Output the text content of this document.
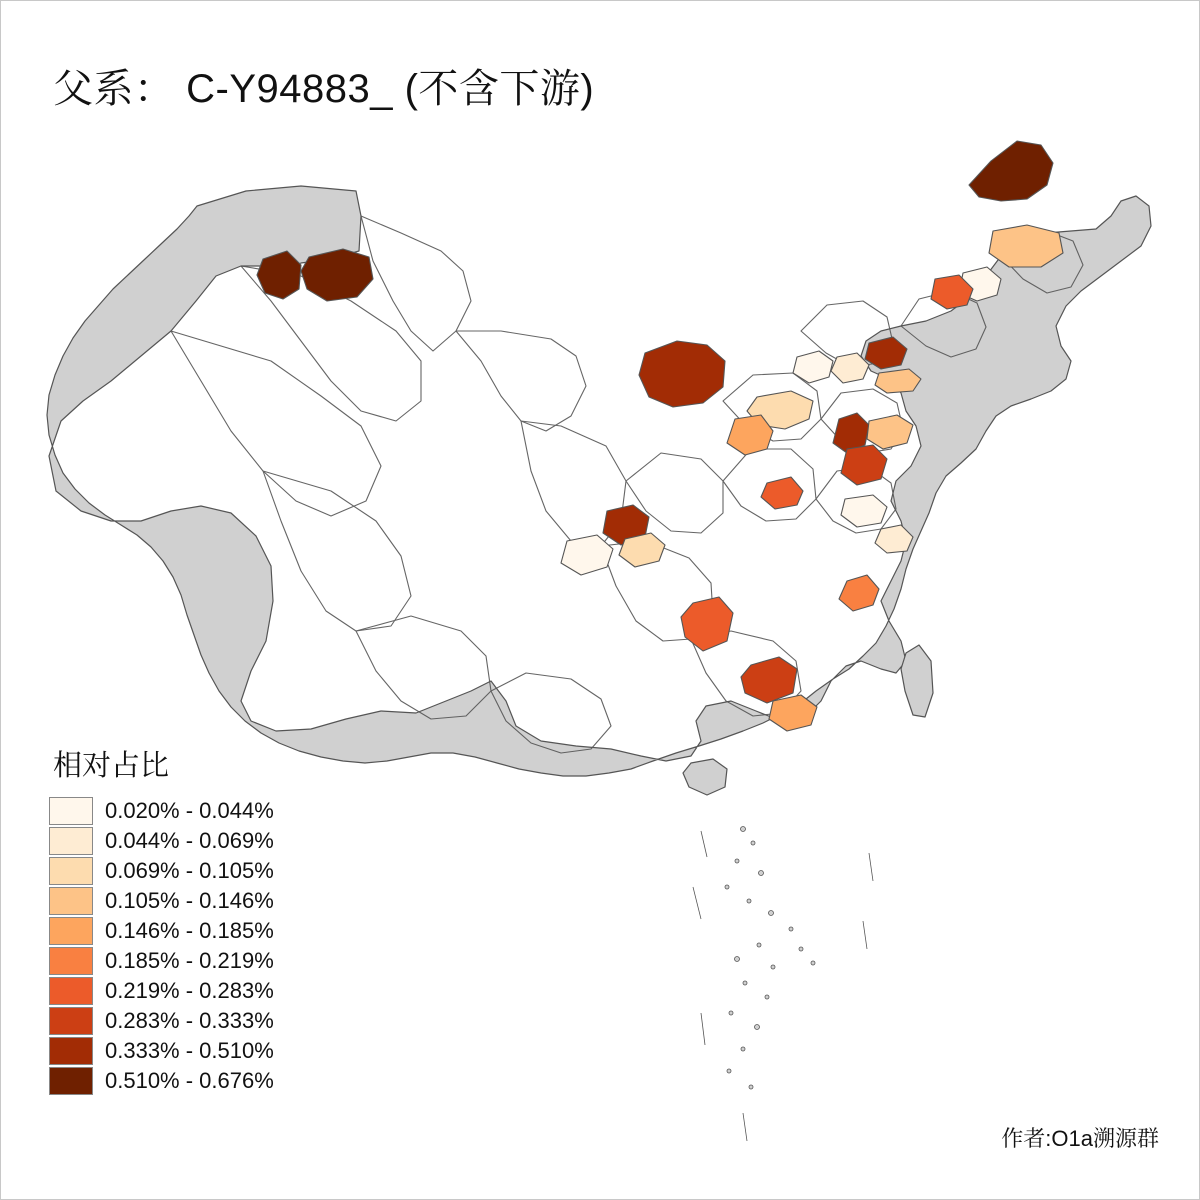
父系： C-Y94883_ (不含下游)
相对占比
0.020% - 0.044%
0.044% - 0.069%
0.069% - 0.105%
0.105% - 0.146%
0.146% - 0.185%
0.185% - 0.219%
0.219% - 0.283%
0.283% - 0.333%
0.333% - 0.510%
0.510% - 0.676%
作者:O1a溯源群
